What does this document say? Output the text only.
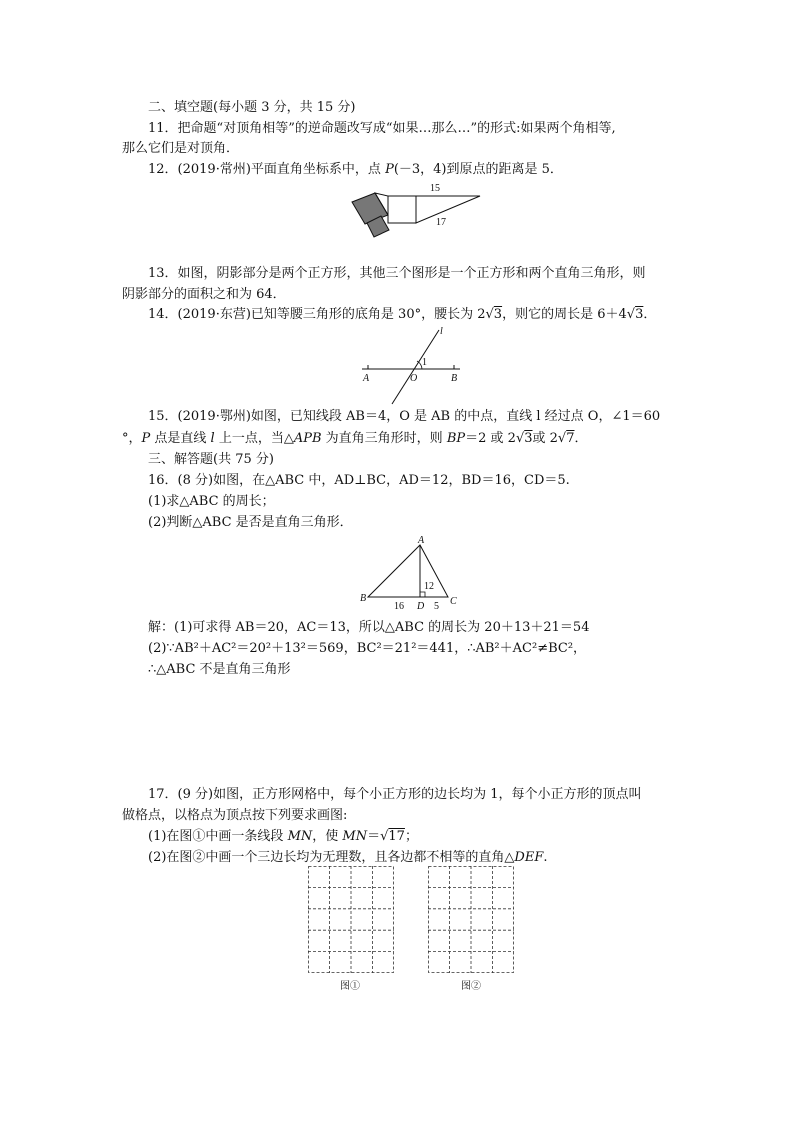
二、填空题(每小题 3 分，共 15 分)
11．把命题“对顶角相等”的逆命题改写成“如果…那么…”的形式:如果两个角相等,
那么它们是对顶角．
12．(2019·常州)平面直角坐标系中，点 P(－3，4)到原点的距离是 5．
15
17
13．如图，阴影部分是两个正方形，其他三个图形是一个正方形和两个直角三角形，则
阴影部分的面积之和为 64．
14．(2019·东营)已知等腰三角形的底角是 30°，腰长为 2√3，则它的周长是 6＋4√3．
l
1
A	O	B
15．(2019·鄂州)如图，已知线段 AB＝4，O 是 AB 的中点，直线 l 经过点 O，∠1＝60
°，P 点是直线 l 上一点，当△APB 为直角三角形时，则 BP＝2 或 2√3或 2√7．
三、解答题(共 75 分)
16．(8 分)如图，在△ABC 中，AD⊥BC，AD＝12，BD＝16，CD＝5.
(1)求△ABC 的周长；
(2)判断△ABC 是否是直角三角形．
A
B	C
D
12
16	5
解：(1)可求得 AB＝20，AC＝13，所以△ABC 的周长为 20＋13＋21＝54
(2)∵AB²＋AC²＝20²＋13²＝569，BC²＝21²＝441，∴AB²＋AC²≠BC²，
∴△ABC 不是直角三角形
17．(9 分)如图，正方形网格中，每个小正方形的边长均为 1，每个小正方形的顶点叫
做格点，以格点为顶点按下列要求画图:
(1)在图①中画一条线段 MN，使 MN＝√17；
(2)在图②中画一个三边长均为无理数，且各边都不相等的直角△DEF.
图①	图②
